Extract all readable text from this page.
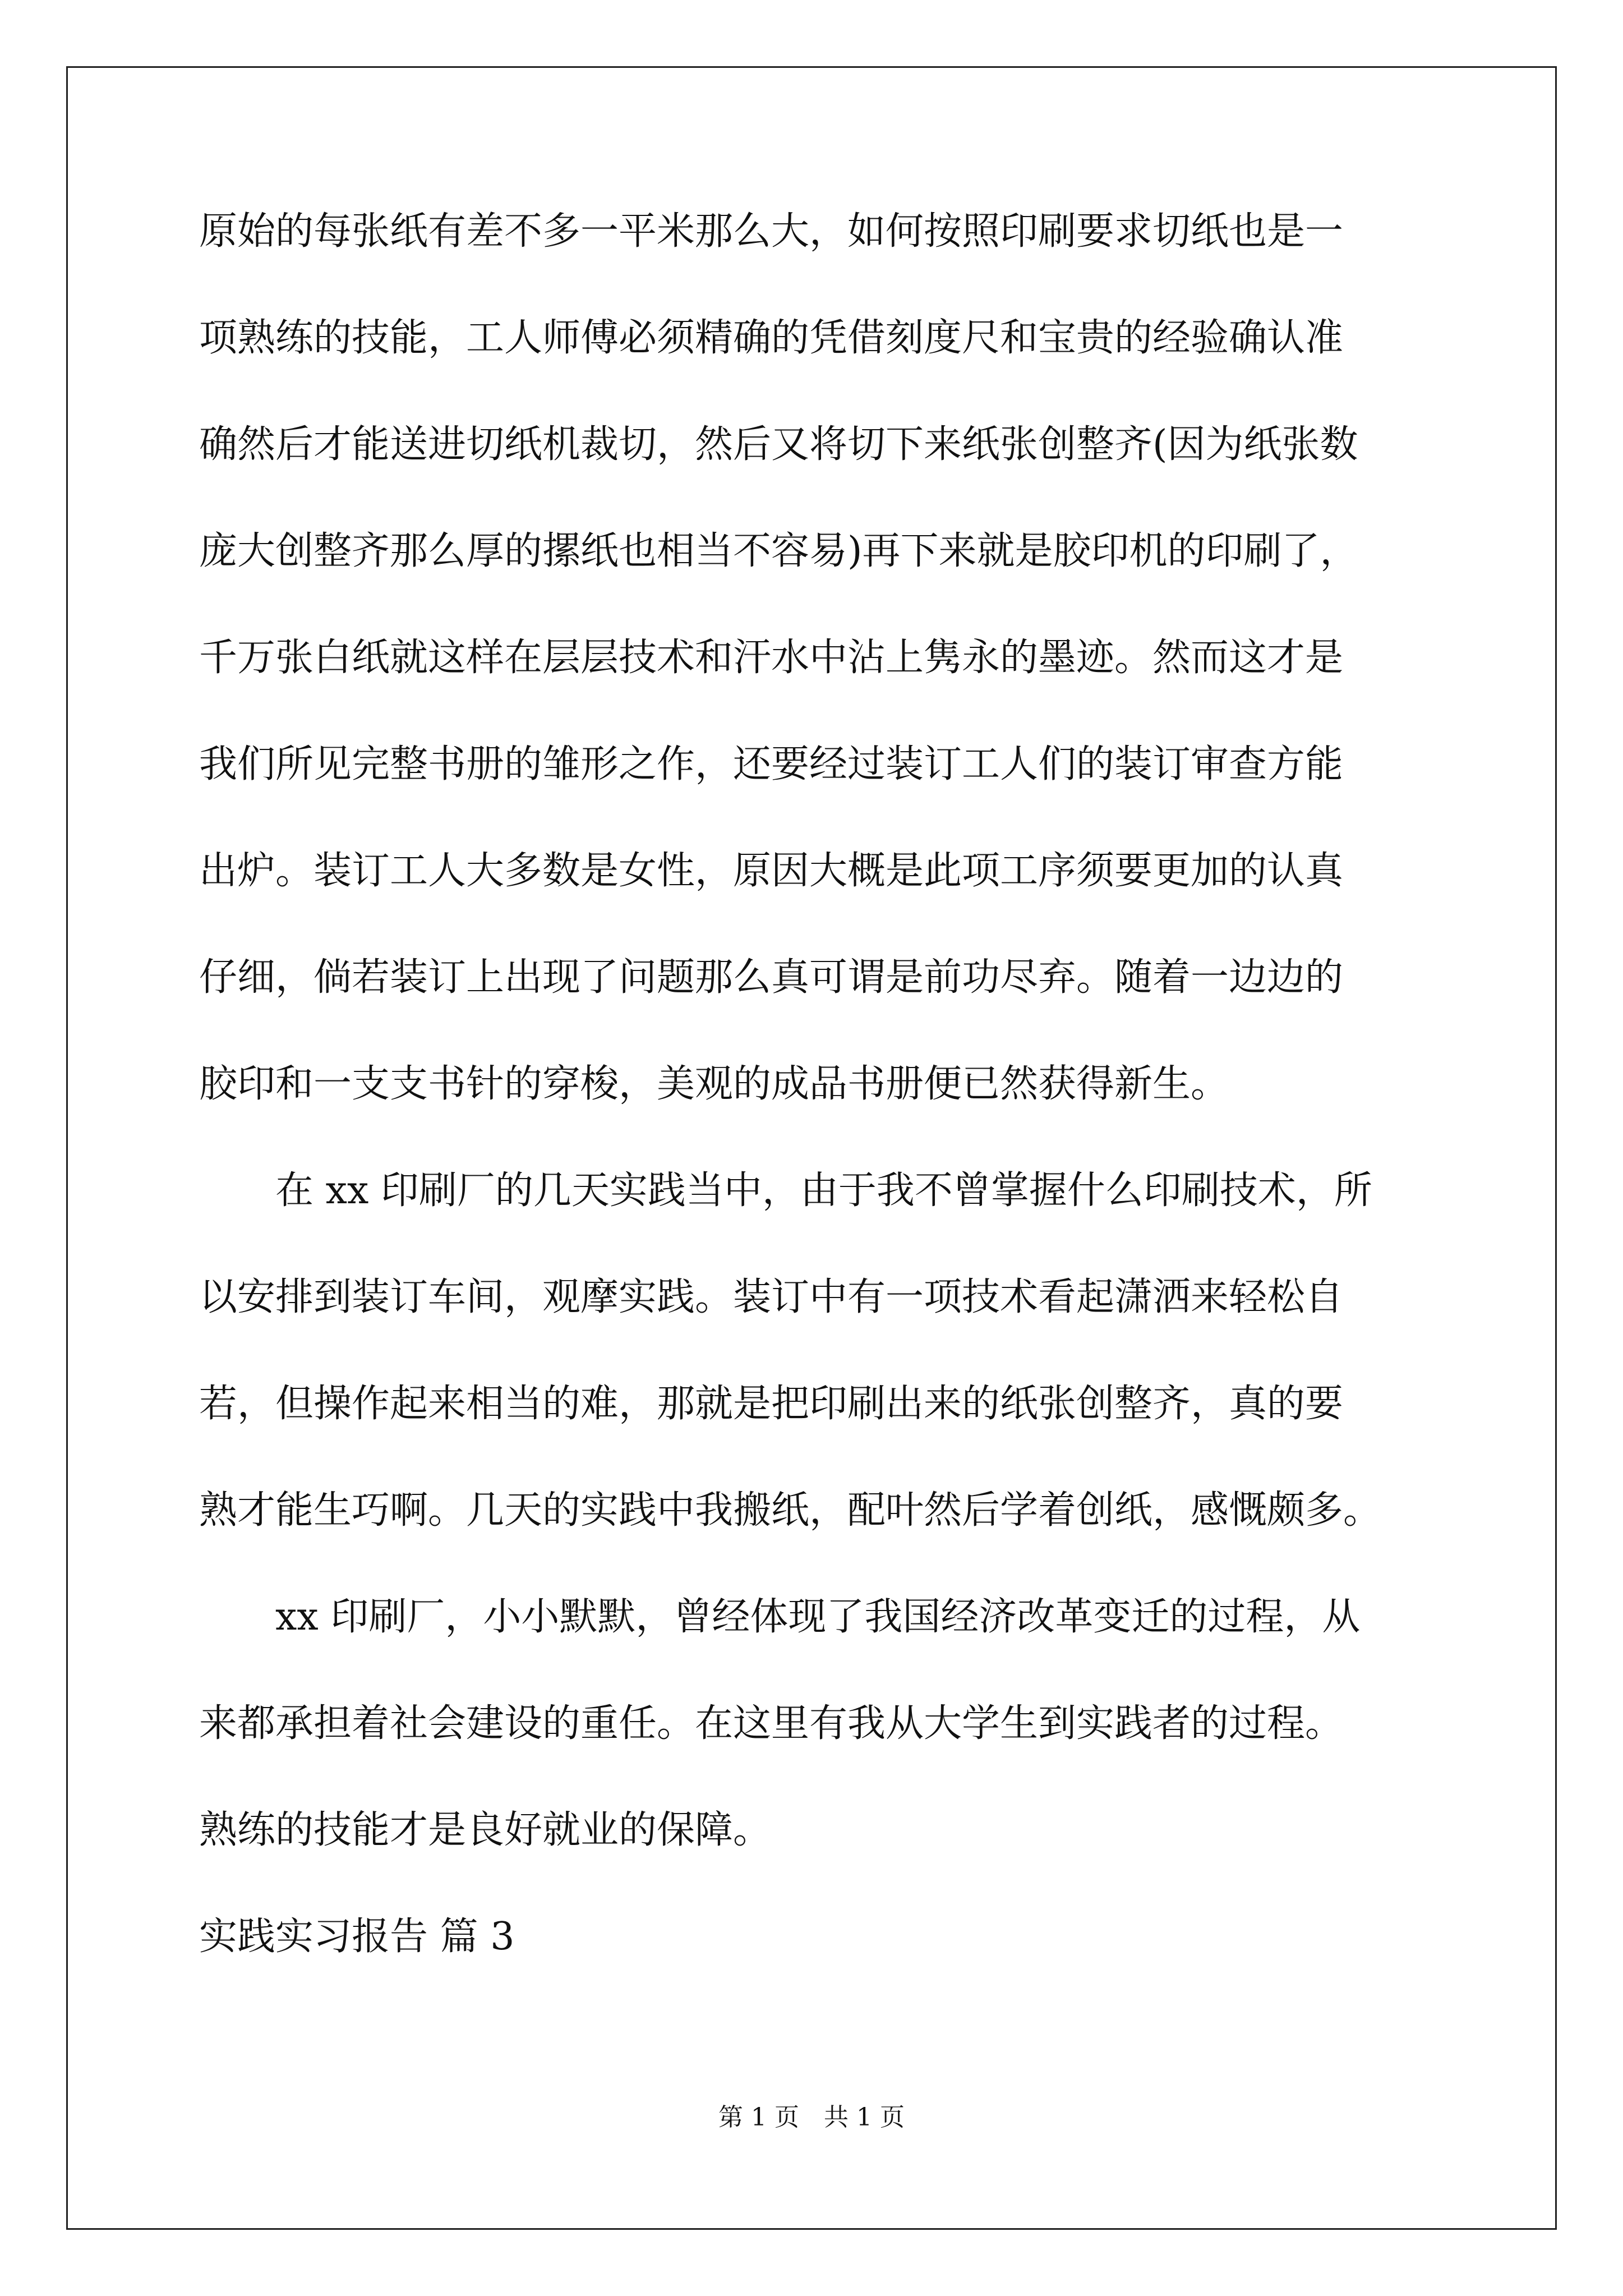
原始的每张纸有差不多一平米那么大，如何按照印刷要求切纸也是一
项熟练的技能，工人师傅必须精确的凭借刻度尺和宝贵的经验确认准
确然后才能送进切纸机裁切，然后又将切下来纸张创整齐(因为纸张数
庞大创整齐那么厚的摞纸也相当不容易)再下来就是胶印机的印刷了，
千万张白纸就这样在层层技术和汗水中沾上隽永的墨迹。然而这才是
我们所见完整书册的雏形之作，还要经过装订工人们的装订审查方能
出炉。装订工人大多数是女性，原因大概是此项工序须要更加的认真
仔细，倘若装订上出现了问题那么真可谓是前功尽弃。随着一边边的
胶印和一支支书针的穿梭，美观的成品书册便已然获得新生。
在 xx 印刷厂的几天实践当中，由于我不曾掌握什么印刷技术，所
以安排到装订车间，观摩实践。装订中有一项技术看起潇洒来轻松自
若，但操作起来相当的难，那就是把印刷出来的纸张创整齐，真的要
熟才能生巧啊。几天的实践中我搬纸，配叶然后学着创纸，感慨颇多。
xx 印刷厂，小小默默，曾经体现了我国经济改革变迁的过程，从
来都承担着社会建设的重任。在这里有我从大学生到实践者的过程。
熟练的技能才是良好就业的保障。
实践实习报告 篇 3
第 1 页　共 1 页
